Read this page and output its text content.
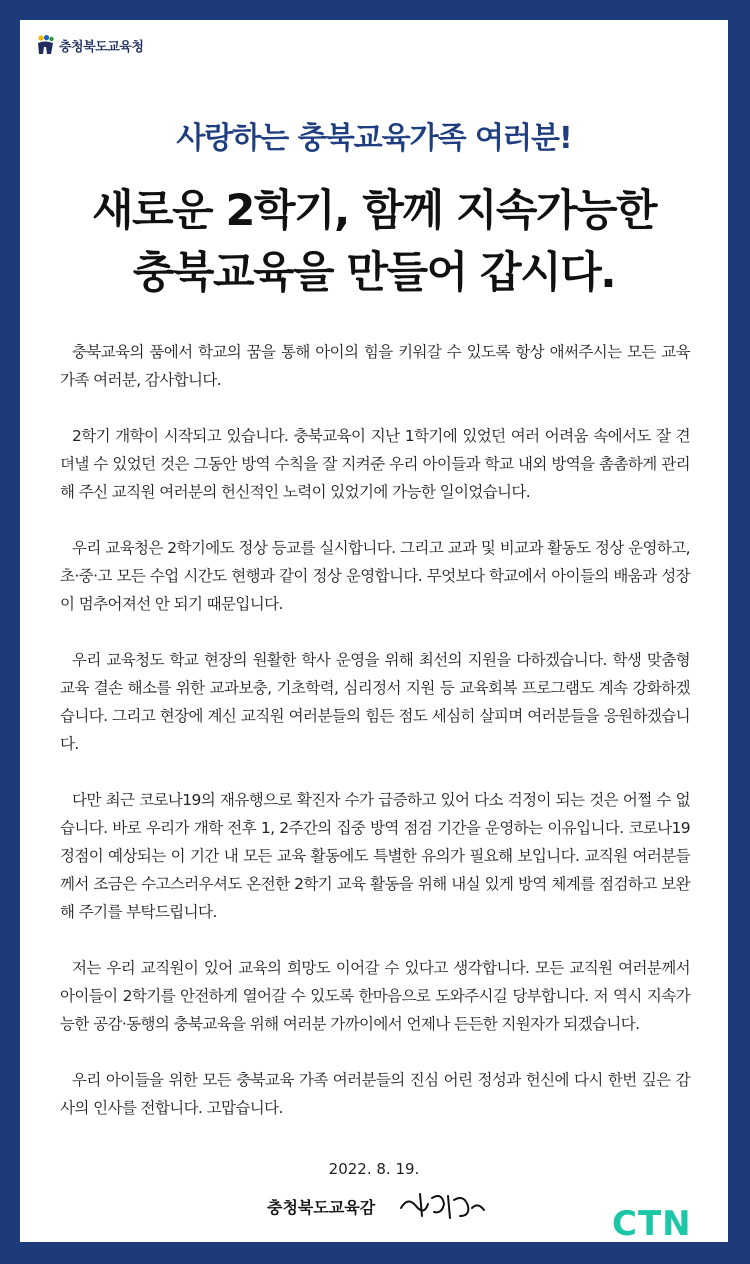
충청북도교육청
사랑하는 충북교육가족 여러분!
새로운 2학기, 함께 지속가능한
충북교육을 만들어 갑시다.

충북교육의 품에서 학교의 꿈을 통해 아이의 힘을 키워갈 수 있도록 항상 애써주시는 모든 교육 가족 여러분, 감사합니다.

2학기 개학이 시작되고 있습니다. 충북교육이 지난 1학기에 있었던 여러 어려움 속에서도 잘 견뎌낼 수 있었던 것은 그동안 방역 수칙을 잘 지켜준 우리 아이들과 학교 내외 방역을 촘촘하게 관리해 주신 교직원 여러분의 헌신적인 노력이 있었기에 가능한 일이었습니다.

우리 교육청은 2학기에도 정상 등교를 실시합니다. 그리고 교과 및 비교과 활동도 정상 운영하고, 초·중·고 모든 수업 시간도 현행과 같이 정상 운영합니다. 무엇보다 학교에서 아이들의 배움과 성장이 멈추어져선 안 되기 때문입니다.

우리 교육청도 학교 현장의 원활한 학사 운영을 위해 최선의 지원을 다하겠습니다. 학생 맞춤형 교육 결손 해소를 위한 교과보충, 기초학력, 심리정서 지원 등 교육회복 프로그램도 계속 강화하겠습니다. 그리고 현장에 계신 교직원 여러분들의 힘든 점도 세심히 살피며 여러분들을 응원하겠습니다.

다만 최근 코로나19의 재유행으로 확진자 수가 급증하고 있어 다소 걱정이 되는 것은 어쩔 수 없습니다. 바로 우리가 개학 전후 1, 2주간의 집중 방역 점검 기간을 운영하는 이유입니다. 코로나19 정점이 예상되는 이 기간 내 모든 교육 활동에도 특별한 유의가 필요해 보입니다. 교직원 여러분들께서 조금은 수고스러우셔도 온전한 2학기 교육 활동을 위해 내실 있게 방역 체계를 점검하고 보완해 주기를 부탁드립니다.

저는 우리 교직원이 있어 교육의 희망도 이어갈 수 있다고 생각합니다. 모든 교직원 여러분께서 아이들이 2학기를 안전하게 열어갈 수 있도록 한마음으로 도와주시길 당부합니다. 저 역시 지속가능한 공감·동행의 충북교육을 위해 여러분 가까이에서 언제나 든든한 지원자가 되겠습니다.

우리 아이들을 위한 모든 충북교육 가족 여러분들의 진심 어린 정성과 헌신에 다시 한번 깊은 감사의 인사를 전합니다. 고맙습니다.

2022. 8. 19.
충청북도교육감	CTN
